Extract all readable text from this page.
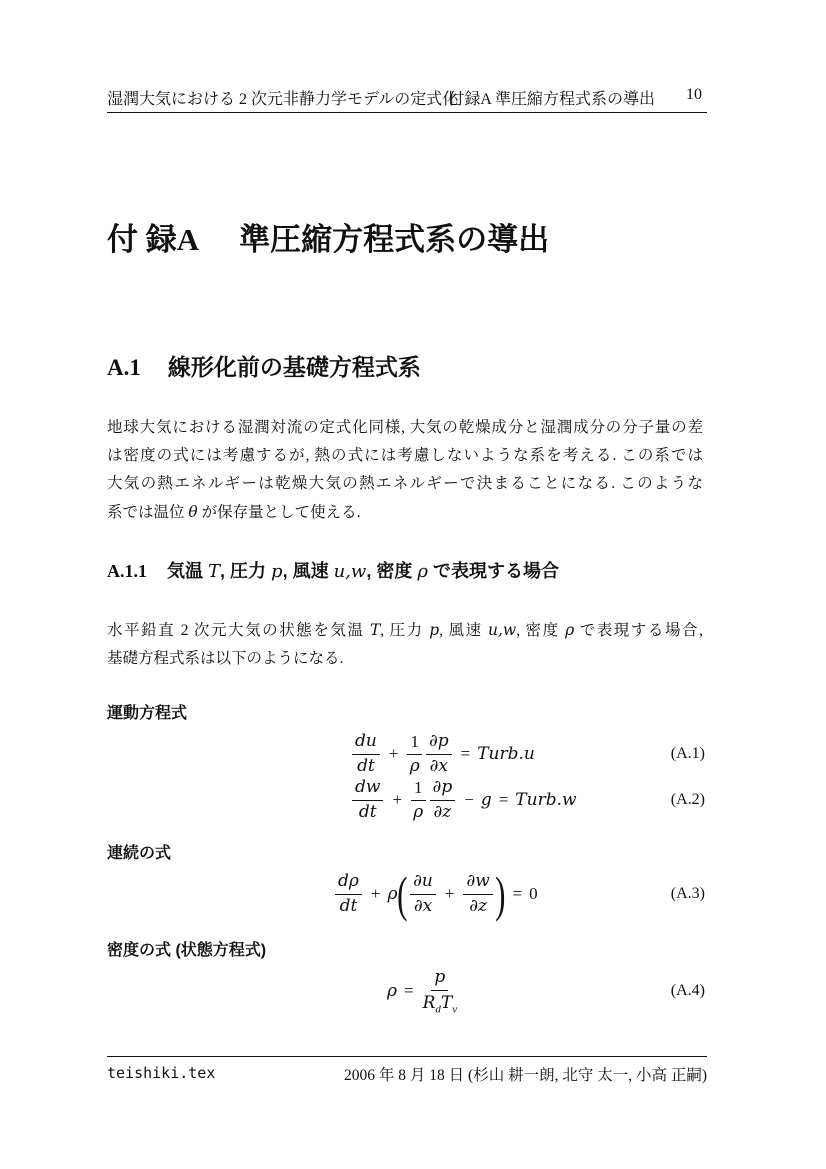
湿潤大気における 2 次元非静力学モデルの定式化
付録A 準圧縮方程式系の導出 10
付 録A 準圧縮方程式系の導出
A.1 線形化前の基礎方程式系
地球大気における湿潤対流の定式化同様, 大気の乾燥成分と湿潤成分の分子量の差
は密度の式には考慮するが, 熱の式には考慮しないような系を考える. この系では
大気の熱エネルギーは乾燥大気の熱エネルギーで決まることになる. このような
系では温位 θ が保存量として使える.
A.1.1 気温 T, 圧力 p, 風速 u,w, 密度 ρ で表現する場合
水平鉛直 2 次元大気の状態を気温 T, 圧力 p, 風速 u,w, 密度 ρ で表現する場合,
基礎方程式系は以下のようになる.
運動方程式
$\frac{du}{dt} + \frac{1}{\rho} \frac{\partial p}{\partial x}$ = Turb.u	(A.1)
$\frac{dw}{dt} + \frac{1}{\rho} \frac{\partial p}{\partial z} - g$ = Turb.w	(A.2)
連続の式
$\frac{d\rho}{dt} + \rho$ ( $\frac{\partial u}{\partial x} + \frac{\partial w}{\partial z}$ ) = 0	(A.3)
密度の式 (状態方程式)
$\rho = \frac{p}{R_dT_v}$	(A.4)
teishiki.tex	2006 年 8 月 18 日 (杉山 耕一朗, 北守 太一, 小高 正嗣)
